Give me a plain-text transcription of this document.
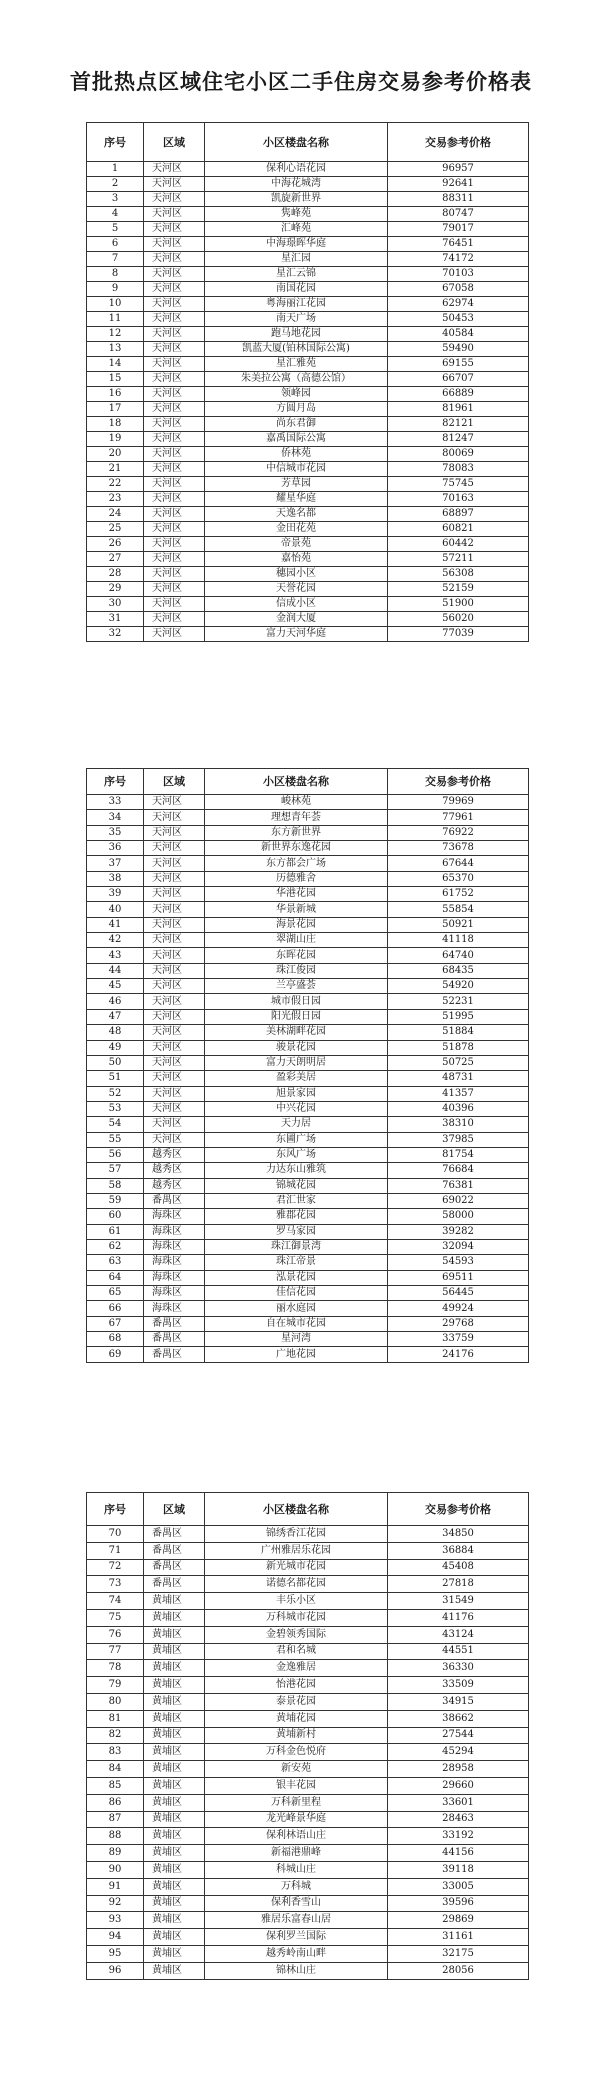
首批热点区域住宅小区二手住房交易参考价格表
序号	区域	小区楼盘名称	交易参考价格
1	天河区	保利心语花园	96957
2	天河区	中海花城湾	92641
3	天河区	凯旋新世界	88311
4	天河区	隽峰苑	80747
5	天河区	汇峰苑	79017
6	天河区	中海璟晖华庭	76451
7	天河区	星汇园	74172
8	天河区	星汇云锦	70103
9	天河区	南国花园	67058
10	天河区	粤海丽江花园	62974
11	天河区	南天广场	50453
12	天河区	跑马地花园	40584
13	天河区	凯蓝大厦(铂林国际公寓)	59490
14	天河区	星汇雅苑	69155
15	天河区	朱美拉公寓（高德公馆）	66707
16	天河区	领峰园	66889
17	天河区	方圆月岛	81961
18	天河区	尚东君御	82121
19	天河区	嘉禹国际公寓	81247
20	天河区	侨林苑	80069
21	天河区	中信城市花园	78083
22	天河区	芳草园	75745
23	天河区	耀星华庭	70163
24	天河区	天逸名都	68897
25	天河区	金田花苑	60821
26	天河区	帝景苑	60442
27	天河区	嘉怡苑	57211
28	天河区	穗园小区	56308
29	天河区	天誉花园	52159
30	天河区	信成小区	51900
31	天河区	金润大厦	56020
32	天河区	富力天河华庭	77039
序号	区域	小区楼盘名称	交易参考价格
33	天河区	峻林苑	79969
34	天河区	理想青年荟	77961
35	天河区	东方新世界	76922
36	天河区	新世界东逸花园	73678
37	天河区	东方都会广场	67644
38	天河区	历德雅舍	65370
39	天河区	华港花园	61752
40	天河区	华景新城	55854
41	天河区	海景花园	50921
42	天河区	翠湖山庄	41118
43	天河区	东晖花园	64740
44	天河区	珠江俊园	68435
45	天河区	兰亭盛荟	54920
46	天河区	城市假日园	52231
47	天河区	阳光假日园	51995
48	天河区	美林湖畔花园	51884
49	天河区	骏景花园	51878
50	天河区	富力天朗明居	50725
51	天河区	盈彩美居	48731
52	天河区	旭景家园	41357
53	天河区	中兴花园	40396
54	天河区	天力居	38310
55	天河区	东圃广场	37985
56	越秀区	东风广场	81754
57	越秀区	力达东山雅筑	76684
58	越秀区	锦城花园	76381
59	番禺区	君汇世家	69022
60	海珠区	雅郡花园	58000
61	海珠区	罗马家园	39282
62	海珠区	珠江御景湾	32094
63	海珠区	珠江帝景	54593
64	海珠区	泓景花园	69511
65	海珠区	佳信花园	56445
66	海珠区	丽水庭园	49924
67	番禺区	自在城市花园	29768
68	番禺区	星河湾	33759
69	番禺区	广地花园	24176
序号	区域	小区楼盘名称	交易参考价格
70	番禺区	锦绣香江花园	34850
71	番禺区	广州雅居乐花园	36884
72	番禺区	新光城市花园	45408
73	番禺区	诺德名都花园	27818
74	黄埔区	丰乐小区	31549
75	黄埔区	万科城市花园	41176
76	黄埔区	金碧领秀国际	43124
77	黄埔区	君和名城	44551
78	黄埔区	金逸雅居	36330
79	黄埔区	怡港花园	33509
80	黄埔区	泰景花园	34915
81	黄埔区	黄埔花园	38662
82	黄埔区	黄埔新村	27544
83	黄埔区	万科金色悦府	45294
84	黄埔区	新安苑	28958
85	黄埔区	银丰花园	29660
86	黄埔区	万科新里程	33601
87	黄埔区	龙光峰景华庭	28463
88	黄埔区	保利林语山庄	33192
89	黄埔区	新福港鼎峰	44156
90	黄埔区	科城山庄	39118
91	黄埔区	万科城	33005
92	黄埔区	保利香雪山	39596
93	黄埔区	雅居乐富春山居	29869
94	黄埔区	保利罗兰国际	31161
95	黄埔区	越秀岭南山畔	32175
96	黄埔区	锦林山庄	28056
